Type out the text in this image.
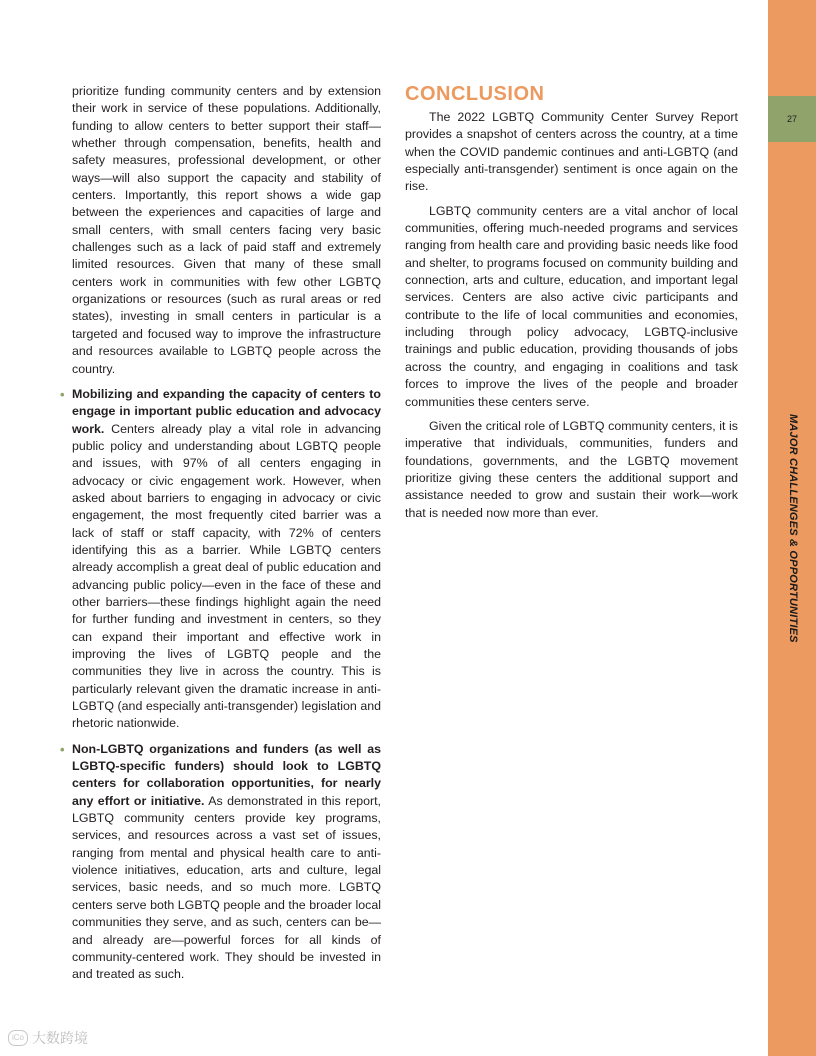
27
MAJOR CHALLENGES & OPPORTUNITIES

prioritize funding community centers and by extension their work in service of these populations. Additionally, funding to allow centers to better support their staff—whether through compensation, benefits, health and safety measures, professional development, or other ways—will also support the capacity and stability of centers. Importantly, this report shows a wide gap between the experiences and capacities of large and small centers, with small centers facing very basic challenges such as a lack of paid staff and extremely limited resources. Given that many of these small centers work in communities with few other LGBTQ organizations or resources (such as rural areas or red states), investing in small centers in particular is a targeted and focused way to improve the infrastructure and resources available to LGBTQ people across the country.

• Mobilizing and expanding the capacity of centers to engage in important public education and advocacy work. Centers already play a vital role in advancing public policy and understanding about LGBTQ people and issues, with 97% of all centers engaging in advocacy or civic engagement work. However, when asked about barriers to engaging in advocacy or civic engagement, the most frequently cited barrier was a lack of staff or staff capacity, with 72% of centers identifying this as a barrier. While LGBTQ centers already accomplish a great deal of public education and advancing public policy—even in the face of these and other barriers—these findings highlight again the need for further funding and investment in centers, so they can expand their important and effective work in improving the lives of LGBTQ people and the communities they live in across the country. This is particularly relevant given the dramatic increase in anti-LGBTQ (and especially anti-transgender) legislation and rhetoric nationwide.

• Non-LGBTQ organizations and funders (as well as LGBTQ-specific funders) should look to LGBTQ centers for collaboration opportunities, for nearly any effort or initiative. As demonstrated in this report, LGBTQ community centers provide key programs, services, and resources across a vast set of issues, ranging from mental and physical health care to anti-violence initiatives, education, arts and culture, legal services, basic needs, and so much more. LGBTQ centers serve both LGBTQ people and the broader local communities they serve, and as such, centers can be—and already are—powerful forces for all kinds of community-centered work. They should be invested in and treated as such.

CONCLUSION

The 2022 LGBTQ Community Center Survey Report provides a snapshot of centers across the country, at a time when the COVID pandemic continues and anti-LGBTQ (and especially anti-transgender) sentiment is once again on the rise.

LGBTQ community centers are a vital anchor of local communities, offering much-needed programs and services ranging from health care and providing basic needs like food and shelter, to programs focused on community building and connection, arts and culture, education, and important legal services. Centers are also active civic participants and contribute to the life of local communities and economies, including through policy advocacy, LGBTQ-inclusive trainings and public education, providing thousands of jobs across the country, and engaging in coalitions and task forces to improve the lives of the people and broader communities these centers serve.

Given the critical role of LGBTQ community centers, it is imperative that individuals, communities, funders and foundations, governments, and the LGBTQ movement prioritize giving these centers the additional support and assistance needed to grow and sustain their work—work that is needed now more than ever.

iCo 大数跨境
